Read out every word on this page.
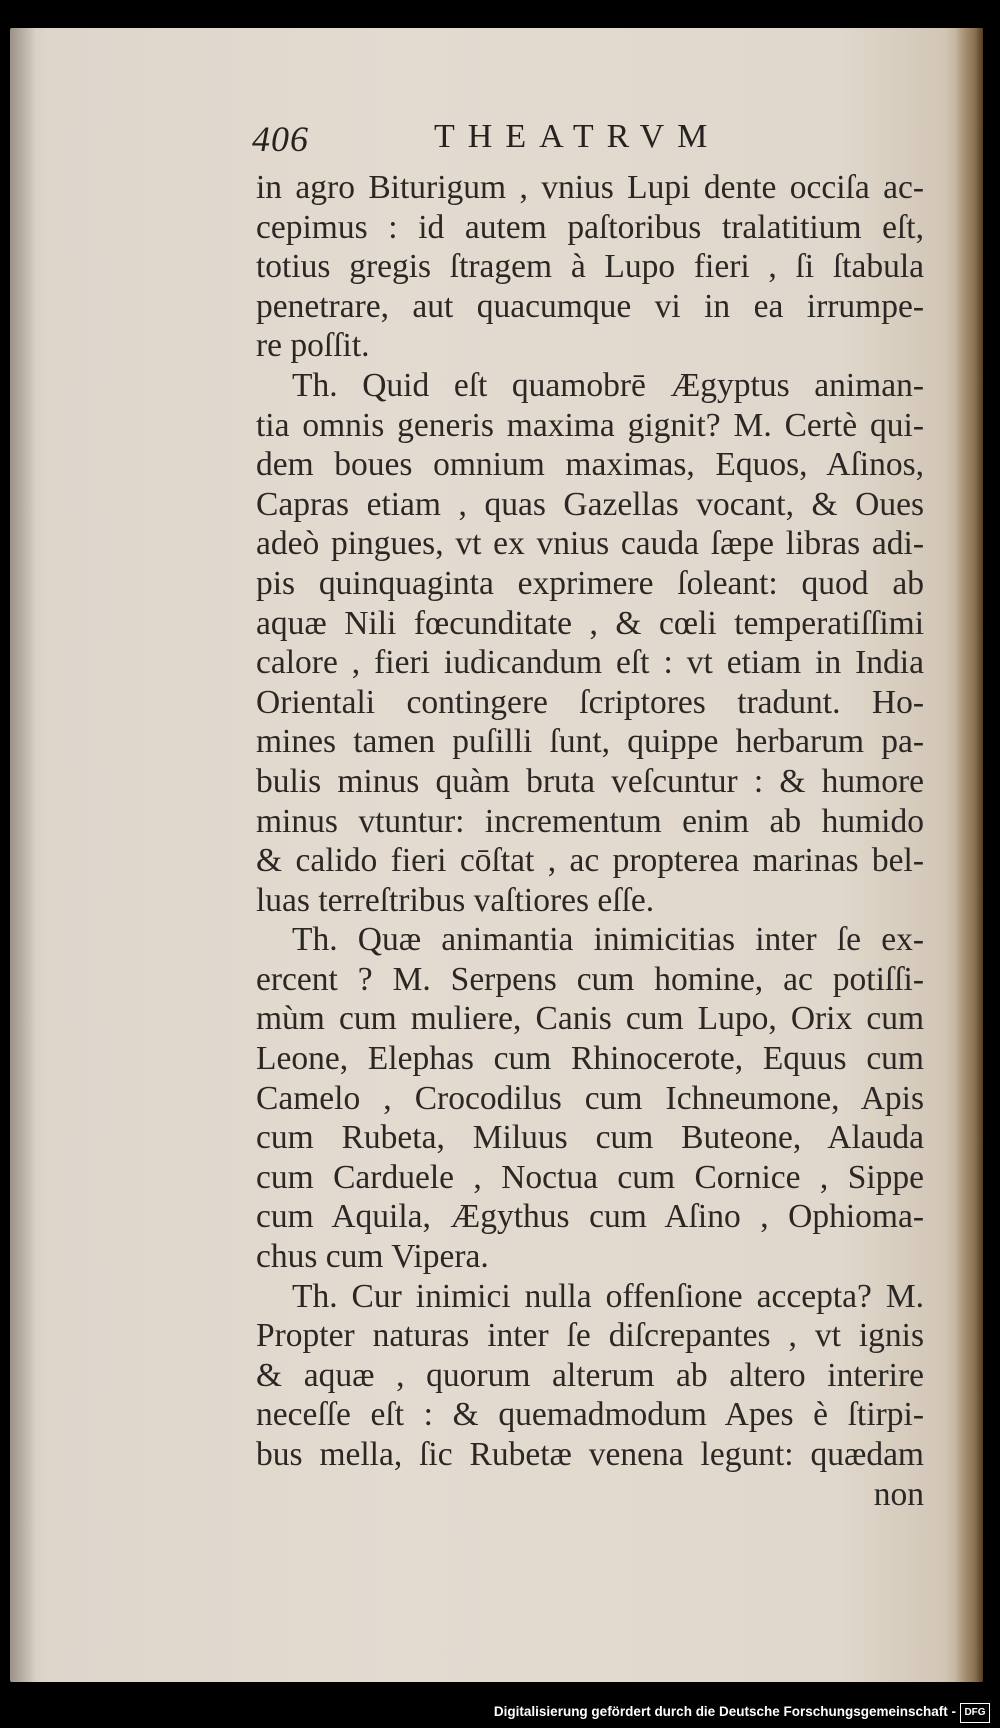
406	THEATRVM
in agro Biturigum , vnius Lupi dente occiſa ac-
cepimus : id autem paſtoribus tralatitium eſt,
totius gregis ſtragem à Lupo fieri , ſi ſtabula
penetrare, aut quacumque vi in ea irrumpe-
re poſſit.
Th. Quid eſt quamobrē Ægyptus animan-
tia omnis generis maxima gignit? M. Certè qui-
dem boues omnium maximas, Equos, Aſinos,
Capras etiam , quas Gazellas vocant, & Oues
adeò pingues, vt ex vnius cauda ſæpe libras adi-
pis quinquaginta exprimere ſoleant: quod ab
aquæ Nili fœcunditate , & cœli temperatiſſimi
calore , fieri iudicandum eſt : vt etiam in India
Orientali contingere ſcriptores tradunt. Ho-
mines tamen puſilli ſunt, quippe herbarum pa-
bulis minus quàm bruta veſcuntur : & humore
minus vtuntur: incrementum enim ab humido
& calido fieri cōſtat , ac propterea marinas bel-
luas terreſtribus vaſtiores eſſe.
Th. Quæ animantia inimicitias inter ſe ex-
ercent ? M. Serpens cum homine, ac potiſſi-
mùm cum muliere, Canis cum Lupo, Orix cum
Leone, Elephas cum Rhinocerote, Equus cum
Camelo , Crocodilus cum Ichneumone, Apis
cum Rubeta, Miluus cum Buteone, Alauda
cum Carduele , Noctua cum Cornice , Sippe
cum Aquila, Ægythus cum Aſino , Ophioma-
chus cum Vipera.
Th. Cur inimici nulla offenſione accepta? M.
Propter naturas inter ſe diſcrepantes , vt ignis
& aquæ , quorum alterum ab altero interire
neceſſe eſt : & quemadmodum Apes è ſtirpi-
bus mella, ſic Rubetæ venena legunt: quædam
non
Digitalisierung gefördert durch die Deutsche Forschungsgemeinschaft - DFG
